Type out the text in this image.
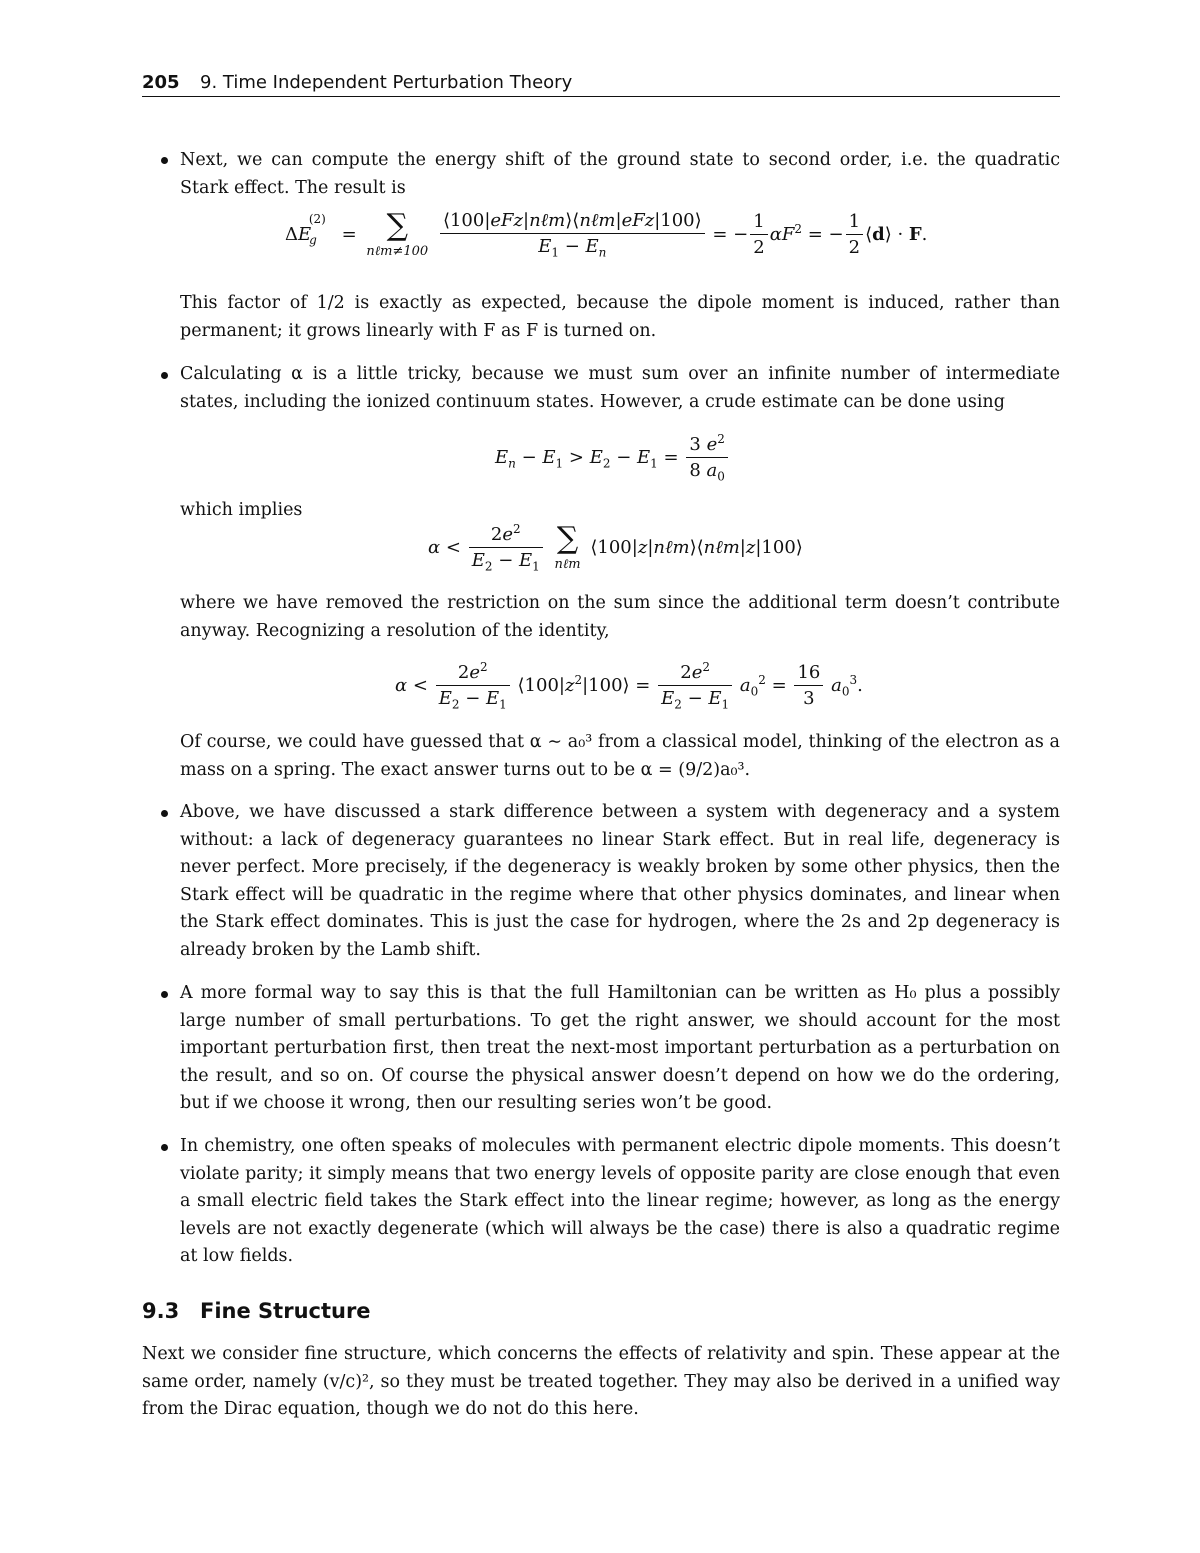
205 9. Time Independent Perturbation Theory
Next, we can compute the energy shift of the ground state to second order, i.e. the quadratic Stark effect. The result is
$\Delta E_g^{(2)}$ = ∑
nℓm≠100
$\frac{\text{⟨100|eFz|nℓm⟩⟨nℓm|eFz|100⟩}}{E_1 - E_n}$ = − $\frac{1}{2} \alpha F^2$ = − $\frac{1}{2}$ ⟨d⟩ · F.
This factor of 1/2 is exactly as expected, because the dipole moment is induced, rather than permanent; it grows linearly with F as F is turned on.
Calculating α is a little tricky, because we must sum over an infinite number of intermediate states, including the ionized continuum states. However, a crude estimate can be done using
$E_n - E_1 > E_2 - E_1 = \frac{3 e^2}{8 a_0}$
which implies
$\alpha < \frac{2e^2}{E_2 - E_1}$
∑
nℓm
⟨100|z|nℓm⟩⟨nℓm|z|100⟩
where we have removed the restriction on the sum since the additional term doesn’t contribute anyway. Recognizing a resolution of the identity,
$\alpha < \frac{2e^2}{E_2 - E_1}$ $⟨100|z^2|100⟩ = \frac{2e^2}{E_2 - E_1} a_0^2 = \frac{16}{3} a_0^3$.
Of course, we could have guessed that α ∼ a₀³ from a classical model, thinking of the electron as a mass on a spring. The exact answer turns out to be α = (9/2)a₀³.
Above, we have discussed a stark difference between a system with degeneracy and a system without: a lack of degeneracy guarantees no linear Stark effect. But in real life, degeneracy is never perfect. More precisely, if the degeneracy is weakly broken by some other physics, then the Stark effect will be quadratic in the regime where that other physics dominates, and linear when the Stark effect dominates. This is just the case for hydrogen, where the 2s and 2p degeneracy is already broken by the Lamb shift.
A more formal way to say this is that the full Hamiltonian can be written as H₀ plus a possibly large number of small perturbations. To get the right answer, we should account for the most important perturbation first, then treat the next-most important perturbation as a perturbation on the result, and so on. Of course the physical answer doesn’t depend on how we do the ordering, but if we choose it wrong, then our resulting series won’t be good.
In chemistry, one often speaks of molecules with permanent electric dipole moments. This doesn’t violate parity; it simply means that two energy levels of opposite parity are close enough that even a small electric field takes the Stark effect into the linear regime; however, as long as the energy levels are not exactly degenerate (which will always be the case) there is also a quadratic regime at low fields.
9.3 Fine Structure
Next we consider fine structure, which concerns the effects of relativity and spin. These appear at the same order, namely (v/c)², so they must be treated together. They may also be derived in a unified way from the Dirac equation, though we do not do this here.
